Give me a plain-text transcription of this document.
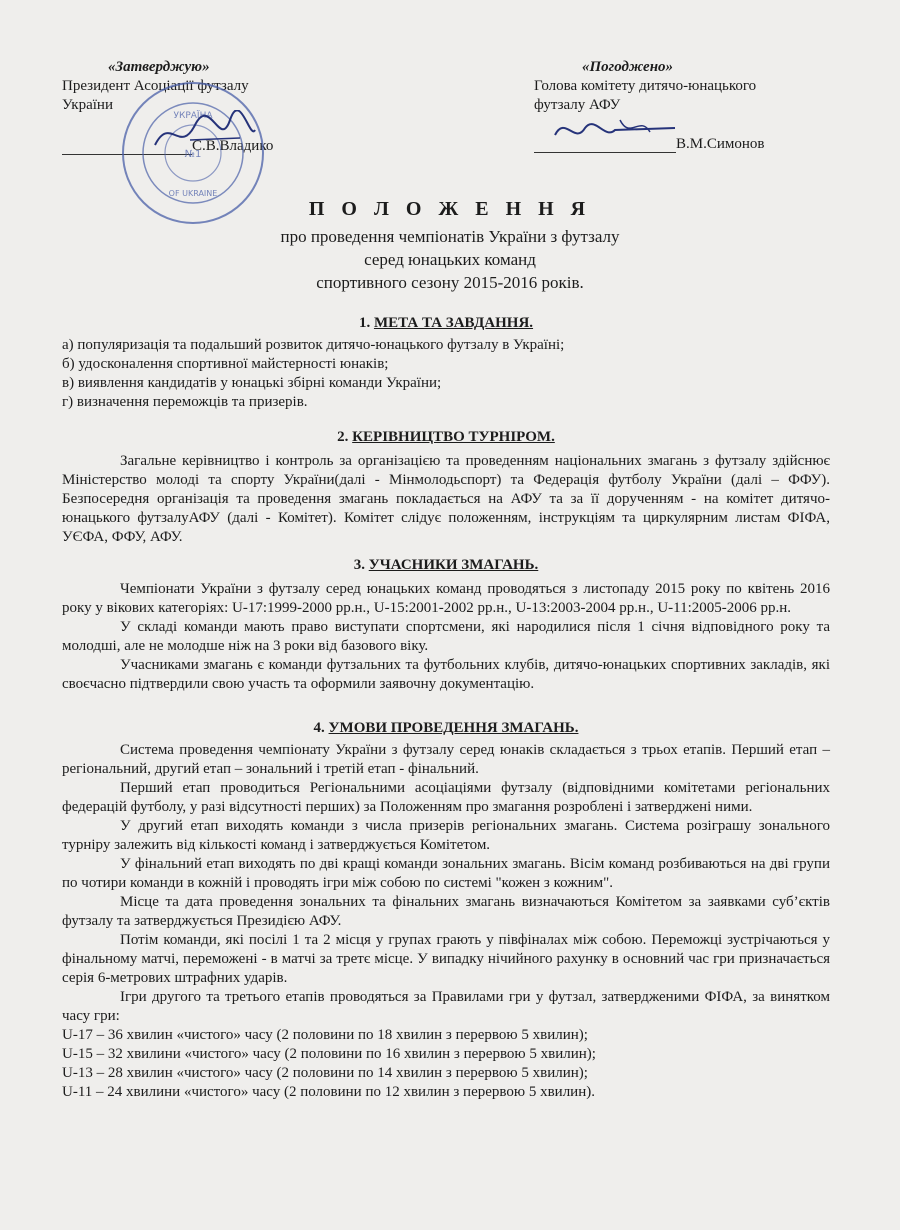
«Затверджую»
Президент Асоціації футзалу
України
С.В.Владико
УКРАЇНА
OF UKRAINE
№1
«Погоджено»
Голова комітету дитячо-юнацького
футзалу АФУ
В.М.Симонов

П О Л О Ж Е Н Н Я

про проведення чемпіонатів України з футзалу

серед юнацьких команд

спортивного сезону 2015-2016 років.

1. МЕТА ТА ЗАВДАННЯ.

а) популяризація та подальший розвиток дитячо-юнацького футзалу в Україні;

б) удосконалення спортивної майстерності юнаків;

в) виявлення кандидатів у юнацькі збірні команди України;

г) визначення переможців та призерів.

2. КЕРІВНИЦТВО ТУРНІРОМ.

Загальне керівництво і контроль за організацією та проведенням національних змагань з футзалу здійснює Міністерство молоді та спорту України(далі - Мінмолодьспорт) та Федерація футболу України (далі – ФФУ). Безпосередня організація та проведення змагань покладається на АФУ та за її дорученням - на комітет дитячо-юнацького футзалуАФУ (далі - Комітет). Комітет слідує положенням, інструкціям та циркулярним листам ФІФА, УЄФА, ФФУ, АФУ.

3. УЧАСНИКИ ЗМАГАНЬ.

Чемпіонати України з футзалу серед юнацьких команд проводяться з листопаду 2015 року по квітень 2016 року у вікових категоріях: U-17:1999-2000 рр.н., U-15:2001-2002 рр.н., U-13:2003-2004 рр.н., U-11:2005-2006 рр.н.

У складі команди мають право виступати спортсмени, які народилися після 1 січня відповідного року та молодші, але не молодше ніж на 3 роки від базового віку.

Учасниками змагань є команди футзальних та футбольних клубів, дитячо-юнацьких спортивних закладів, які своєчасно підтвердили свою участь та оформили заявочну документацію.

4. УМОВИ ПРОВЕДЕННЯ ЗМАГАНЬ.

Система проведення чемпіонату України з футзалу серед юнаків складається з трьох етапів. Перший етап – регіональний, другий етап – зональний і третій етап - фінальний.

Перший етап проводиться Регіональними асоціаціями футзалу (відповідними комітетами регіональних федерацій футболу, у разі відсутності перших) за Положенням про змагання розроблені і затверджені ними.

У другий етап виходять команди з числа призерів регіональних змагань. Система розіграшу зонального турніру залежить від кількості команд і затверджується Комітетом.

У фінальний етап виходять по дві кращі команди зональних змагань. Вісім команд розбиваються на дві групи по чотири команди в кожній і проводять ігри між собою по системі "кожен з кожним".

Місце та дата проведення зональних та фінальних змагань визначаються Комітетом за заявками суб’єктів футзалу та затверджується Президією АФУ.

Потім команди, які посілі 1 та 2 місця у групах грають у півфіналах між собою. Переможці зустрічаються у фінальному матчі, переможені - в матчі за третє місце. У випадку нічийного рахунку в основний час гри призначається серія 6-метрових штрафних ударів.

Ігри другого та третього етапів проводяться за Правилами гри у футзал, затвердженими ФІФА, за винятком часу гри:

U-17 – 36 хвилин «чистого» часу (2 половини по 18 хвилин з перервою 5 хвилин);

U-15 – 32 хвилини «чистого» часу (2 половини по 16 хвилин з перервою 5 хвилин);

U-13 – 28 хвилин «чистого» часу (2 половини по 14 хвилин з перервою 5 хвилин);

U-11 – 24 хвилини «чистого» часу (2 половини по 12 хвилин з перервою 5 хвилин).
